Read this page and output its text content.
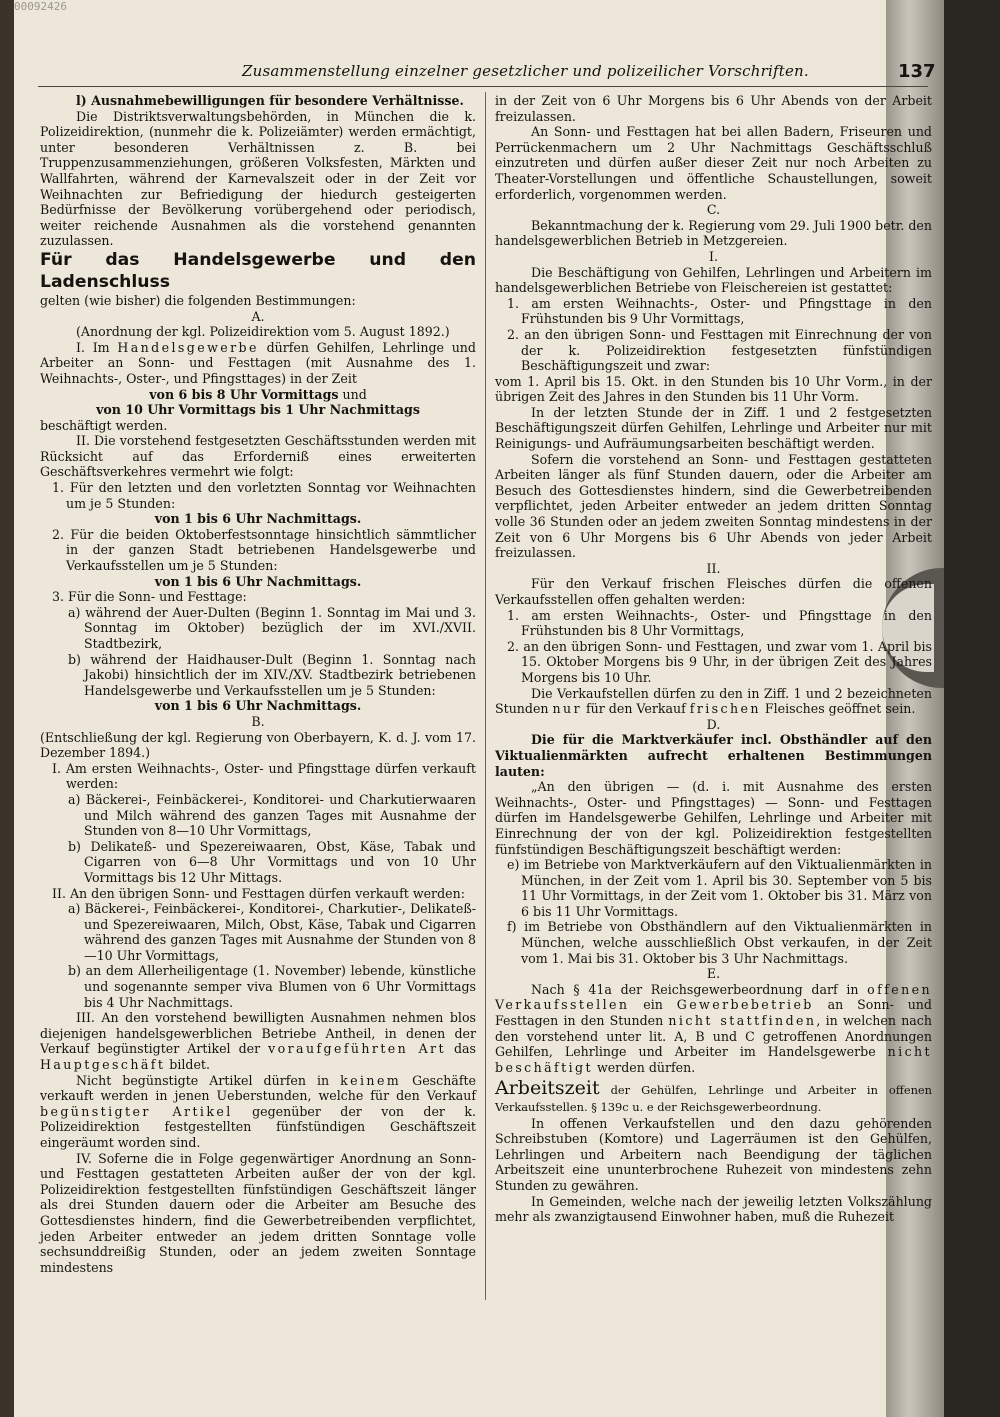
00092426
Zusammenstellung einzelner gesetzlicher und polizeilicher Vorschriften.	137

l) Ausnahmebewilligungen für besondere Verhältnisse.

Die Distriktsverwaltungsbehörden, in München die k. Polizeidirektion, (nunmehr die k. Polizeiämter) werden ermächtigt, unter besonderen Verhältnissen z. B. bei Truppenzusammenziehungen, größeren Volksfesten, Märkten und Wallfahrten, während der Karnevalszeit oder in der Zeit vor Weihnachten zur Befriedigung der hiedurch gesteigerten Bedürfnisse der Bevölkerung vorübergehend oder periodisch, weiter reichende Ausnahmen als die vorstehend genannten zuzulassen.

Für das Handelsgewerbe und den Ladenschluss

gelten (wie bisher) die folgenden Bestimmungen:

A.

(Anordnung der kgl. Polizeidirektion vom 5. August 1892.)

I. Im Handelsgewerbe dürfen Gehilfen, Lehrlinge und Arbeiter an Sonn- und Festtagen (mit Ausnahme des 1. Weihnachts-, Oster-, und Pfingsttages) in der Zeit

von 6 bis 8 Uhr Vormittags und

von 10 Uhr Vormittags bis 1 Uhr Nachmittags

beschäftigt werden.

II. Die vorstehend festgesetzten Geschäftsstunden werden mit Rücksicht auf das Erforderniß eines erweiterten Geschäftsverkehres vermehrt wie folgt:

1. Für den letzten und den vorletzten Sonntag vor Weihnachten um je 5 Stunden:

von 1 bis 6 Uhr Nachmittags.

2. Für die beiden Oktoberfestsonntage hinsichtlich sämmtlicher in der ganzen Stadt betriebenen Handelsgewerbe und Verkaufsstellen um je 5 Stunden:

von 1 bis 6 Uhr Nachmittags.

3. Für die Sonn- und Festtage:

a) während der Auer-Dulten (Beginn 1. Sonntag im Mai und 3. Sonntag im Oktober) bezüglich der im XVI./XVII. Stadtbezirk,

b) während der Haidhauser-Dult (Beginn 1. Sonntag nach Jakobi) hinsichtlich der im XIV./XV. Stadtbezirk betriebenen Handelsgewerbe und Verkaufsstellen um je 5 Stunden:

von 1 bis 6 Uhr Nachmittags.

B.

(Entschließung der kgl. Regierung von Oberbayern, K. d. J. vom 17. Dezember 1894.)

I. Am ersten Weihnachts-, Oster- und Pfingsttage dürfen verkauft werden:

a) Bäckerei-, Feinbäckerei-, Konditorei- und Charkutierwaaren und Milch während des ganzen Tages mit Ausnahme der Stunden von 8—10 Uhr Vormittags,

b) Delikateß- und Spezereiwaaren, Obst, Käse, Tabak und Cigarren von 6—8 Uhr Vormittags und von 10 Uhr Vormittags bis 12 Uhr Mittags.

II. An den übrigen Sonn- und Festtagen dürfen verkauft werden:

a) Bäckerei-, Feinbäckerei-, Konditorei-, Charkutier-, Delikateß- und Spezereiwaaren, Milch, Obst, Käse, Tabak und Cigarren während des ganzen Tages mit Ausnahme der Stunden von 8—10 Uhr Vormittags,

b) an dem Allerheiligentage (1. November) lebende, künstliche und sogenannte semper viva Blumen von 6 Uhr Vormittags bis 4 Uhr Nachmittags.

III. An den vorstehend bewilligten Ausnahmen nehmen blos diejenigen handelsgewerblichen Betriebe Antheil, in denen der Verkauf begünstigter Artikel der voraufgeführten Art das Hauptgeschäft bildet.

Nicht begünstigte Artikel dürfen in keinem Geschäfte verkauft werden in jenen Ueberstunden, welche für den Verkauf begünstigter Artikel gegenüber der von der k. Polizeidirektion festgestellten fünfstündigen Geschäftszeit eingeräumt worden sind.

IV. Soferne die in Folge gegenwärtiger Anordnung an Sonn- und Festtagen gestatteten Arbeiten außer der von der kgl. Polizeidirektion festgestellten fünfstündigen Geschäftszeit länger als drei Stunden dauern oder die Arbeiter am Besuche des Gottesdienstes hindern, find die Gewerbetreibenden verpflichtet, jeden Arbeiter entweder an jedem dritten Sonntage volle sechsunddreißig Stunden, oder an jedem zweiten Sonntage mindestens

in der Zeit von 6 Uhr Morgens bis 6 Uhr Abends von der Arbeit freizulassen.

An Sonn- und Festtagen hat bei allen Badern, Friseuren und Perrückenmachern um 2 Uhr Nachmittags Geschäftsschluß einzutreten und dürfen außer dieser Zeit nur noch Arbeiten zu Theater-Vorstellungen und öffentliche Schaustellungen, soweit erforderlich, vorgenommen werden.

C.

Bekanntmachung der k. Regierung vom 29. Juli 1900 betr. den handelsgewerblichen Betrieb in Metzgereien.

I.

Die Beschäftigung von Gehilfen, Lehrlingen und Arbeitern im handelsgewerblichen Betriebe von Fleischereien ist gestattet:

1. am ersten Weihnachts-, Oster- und Pfingsttage in den Frühstunden bis 9 Uhr Vormittags,

2. an den übrigen Sonn- und Festtagen mit Einrechnung der von der k. Polizeidirektion festgesetzten fünfstündigen Beschäftigungszeit und zwar:

vom 1. April bis 15. Okt. in den Stunden bis 10 Uhr Vorm., in der übrigen Zeit des Jahres in den Stunden bis 11 Uhr Vorm.

In der letzten Stunde der in Ziff. 1 und 2 festgesetzten Beschäftigungszeit dürfen Gehilfen, Lehrlinge und Arbeiter nur mit Reinigungs- und Aufräumungsarbeiten beschäftigt werden.

Sofern die vorstehend an Sonn- und Festtagen gestatteten Arbeiten länger als fünf Stunden dauern, oder die Arbeiter am Besuch des Gottesdienstes hindern, sind die Gewerbetreibenden verpflichtet, jeden Arbeiter entweder an jedem dritten Sonntag volle 36 Stunden oder an jedem zweiten Sonntag mindestens in der Zeit von 6 Uhr Morgens bis 6 Uhr Abends von jeder Arbeit freizulassen.

II.

Für den Verkauf frischen Fleisches dürfen die offenen Verkaufsstellen offen gehalten werden:

1. am ersten Weihnachts-, Oster- und Pfingsttage in den Frühstunden bis 8 Uhr Vormittags,

2. an den übrigen Sonn- und Festtagen, und zwar vom 1. April bis 15. Oktober Morgens bis 9 Uhr, in der übrigen Zeit des Jahres Morgens bis 10 Uhr.

Die Verkaufstellen dürfen zu den in Ziff. 1 und 2 bezeichneten Stunden nur für den Verkauf frischen Fleisches geöffnet sein.

D.

Die für die Marktverkäufer incl. Obsthändler auf den Viktualienmärkten aufrecht erhaltenen Bestimmungen lauten:

„An den übrigen — (d. i. mit Ausnahme des ersten Weihnachts-, Oster- und Pfingsttages) — Sonn- und Festtagen dürfen im Handelsgewerbe Gehilfen, Lehrlinge und Arbeiter mit Einrechnung der von der kgl. Polizeidirektion festgestellten fünfstündigen Beschäftigungszeit beschäftigt werden:

e) im Betriebe von Marktverkäufern auf den Viktualienmärkten in München, in der Zeit vom 1. April bis 30. September von 5 bis 11 Uhr Vormittags, in der Zeit vom 1. Oktober bis 31. März von 6 bis 11 Uhr Vormittags.

f) im Betriebe von Obsthändlern auf den Viktualienmärkten in München, welche ausschließlich Obst verkaufen, in der Zeit vom 1. Mai bis 31. Oktober bis 3 Uhr Nachmittags.

E.

Nach § 41a der Reichsgewerbeordnung darf in offenen Verkaufsstellen ein Gewerbebetrieb an Sonn- und Festtagen in den Stunden nicht stattfinden, in welchen nach den vorstehend unter lit. A, B und C getroffenen Anordnungen Gehilfen, Lehrlinge und Arbeiter im Handelsgewerbe nicht beschäftigt werden dürfen.

Arbeitszeit der Gehülfen, Lehrlinge und Arbeiter in offenen Verkaufsstellen. § 139c u. e der Reichsgewerbeordnung.

In offenen Verkaufstellen und den dazu gehörenden Schreibstuben (Komtore) und Lagerräumen ist den Gehülfen, Lehrlingen und Arbeitern nach Beendigung der täglichen Arbeitszeit eine ununterbrochene Ruhezeit von mindestens zehn Stunden zu gewähren.

In Gemeinden, welche nach der jeweilig letzten Volkszählung mehr als zwanzigtausend Einwohner haben, muß die Ruhezeit
